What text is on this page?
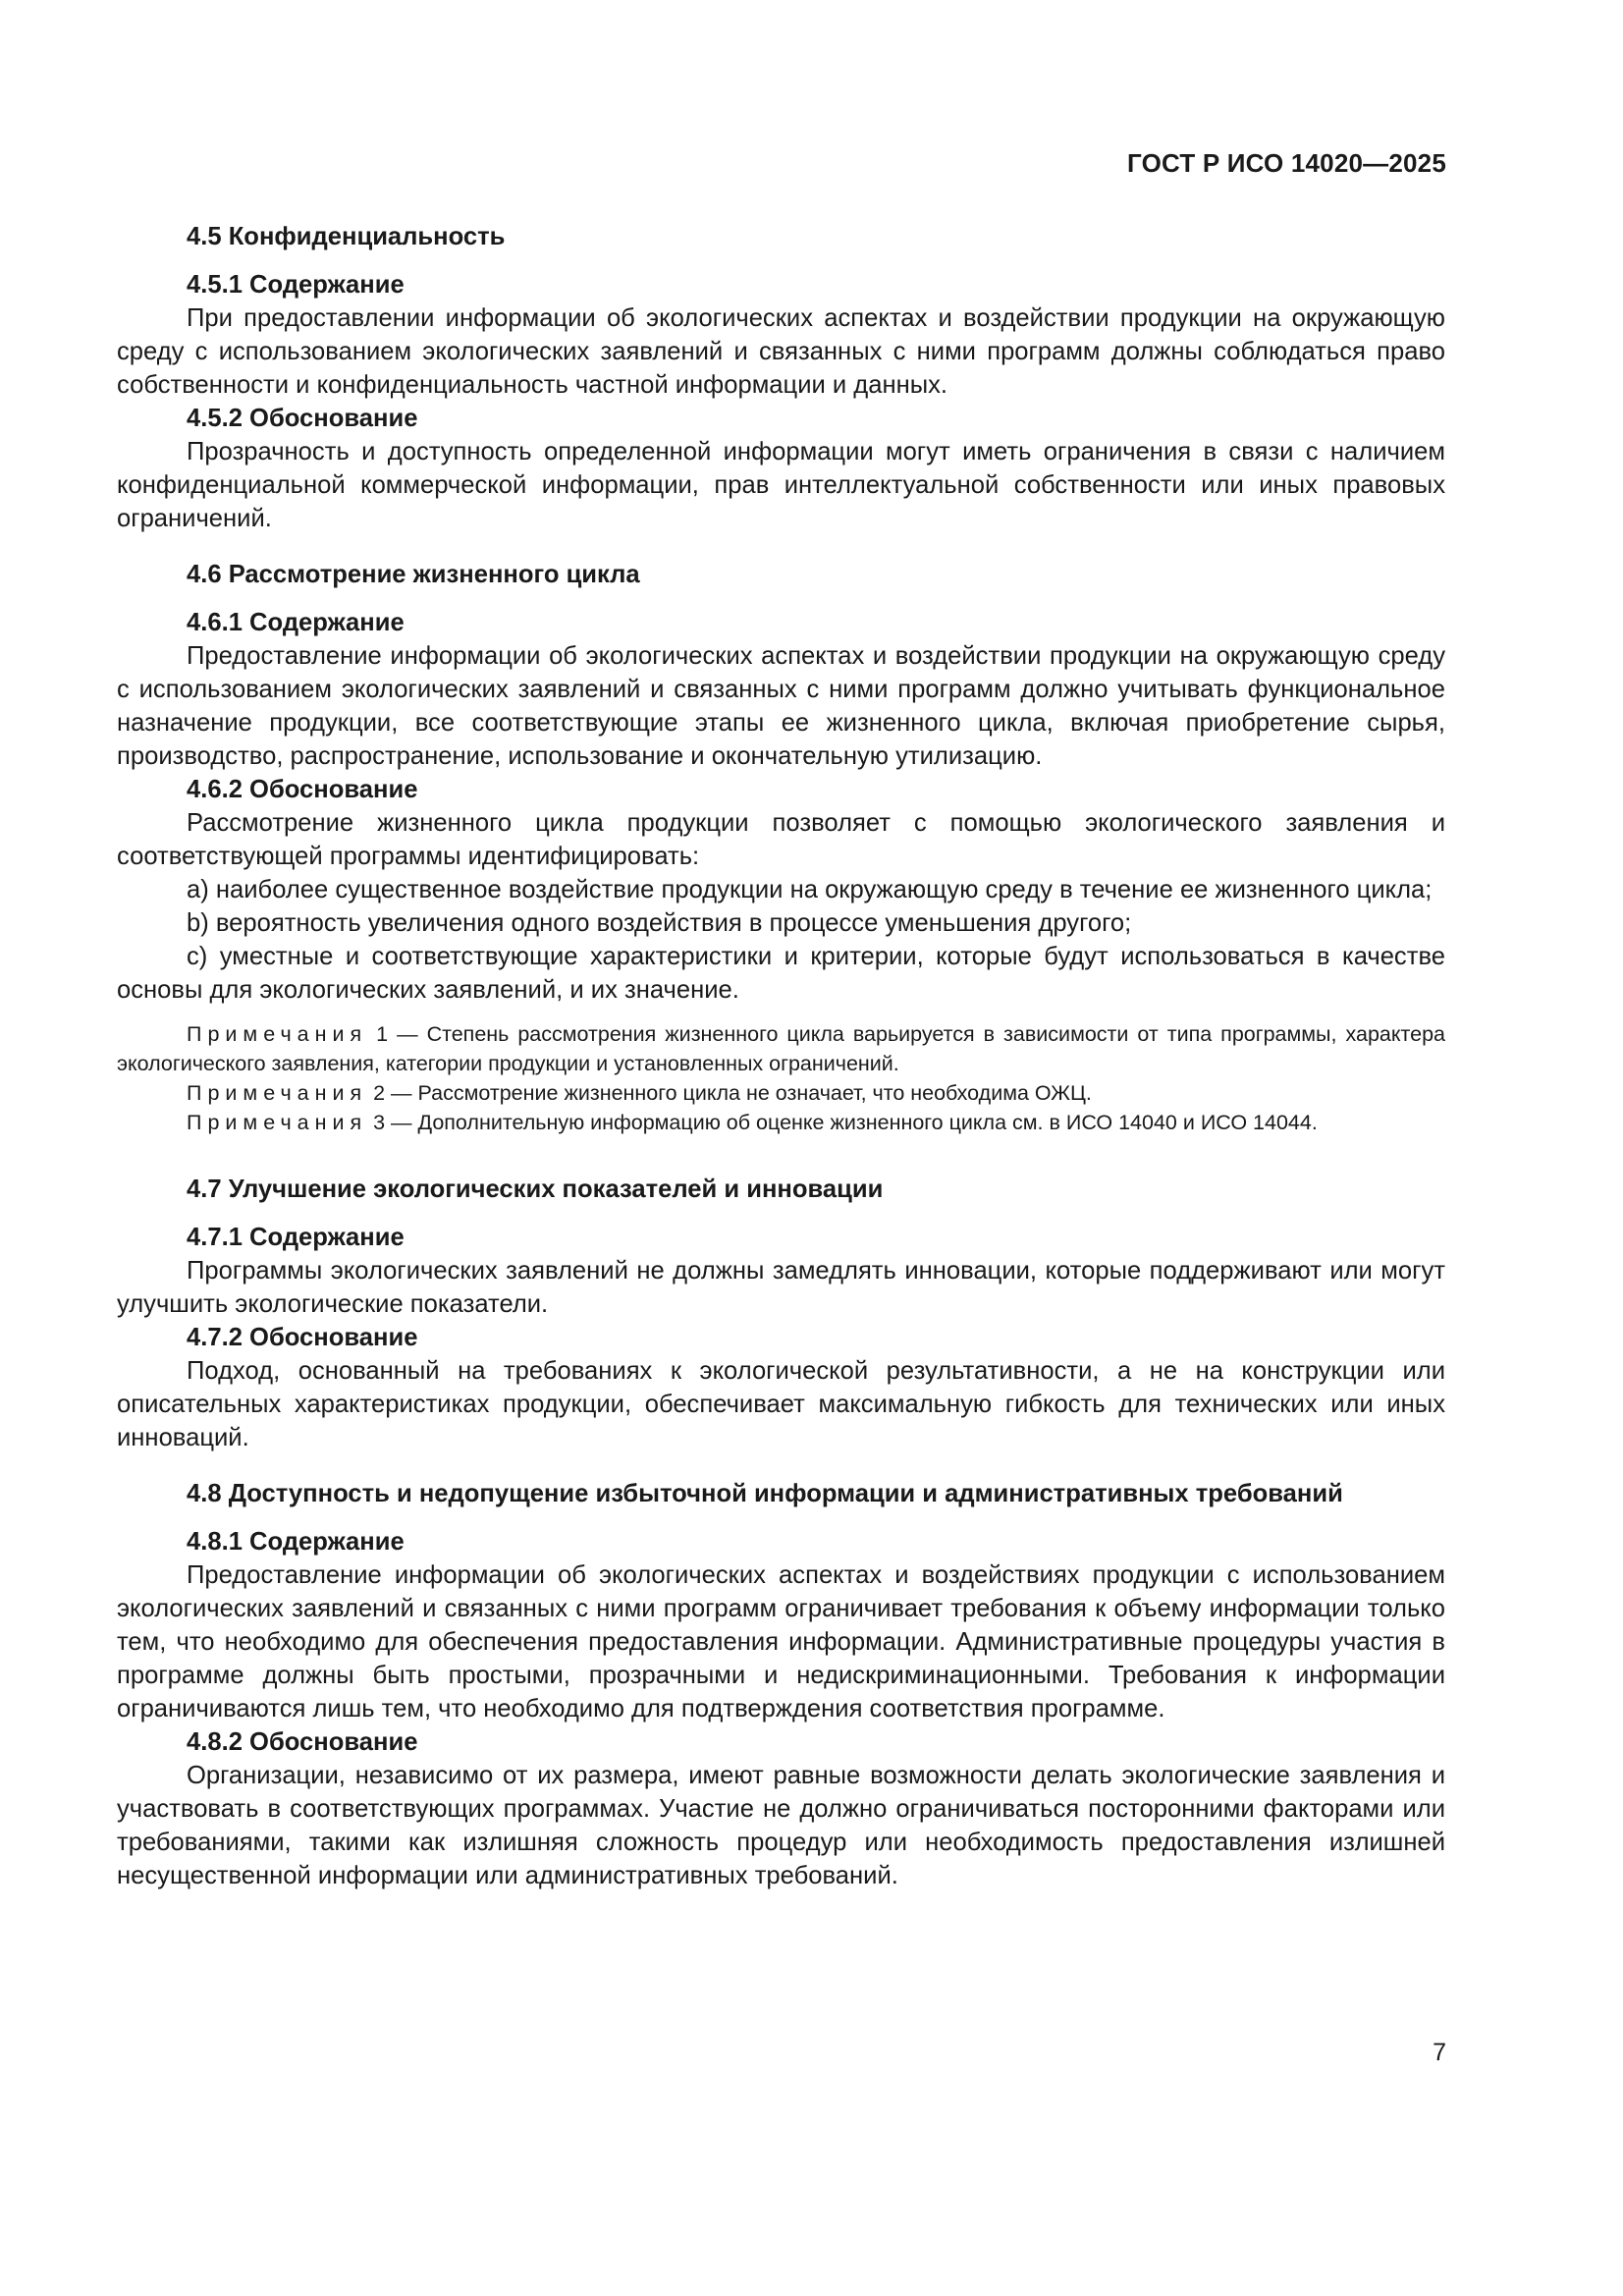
ГОСТ Р ИСО 14020—2025
4.5 Конфиденциальность
4.5.1 Содержание

При предоставлении информации об экологических аспектах и воздействии продукции на окружающую среду с использованием экологических заявлений и связанных с ними программ должны соблюдаться право собственности и конфиденциальность частной информации и данных.

4.5.2 Обоснование

Прозрачность и доступность определенной информации могут иметь ограничения в связи с наличием конфиденциальной коммерческой информации, прав интеллектуальной собственности или иных правовых ограничений.

4.6 Рассмотрение жизненного цикла
4.6.1 Содержание

Предоставление информации об экологических аспектах и воздействии продукции на окружающую среду с использованием экологических заявлений и связанных с ними программ должно учитывать функциональное назначение продукции, все соответствующие этапы ее жизненного цикла, включая приобретение сырья, производство, распространение, использование и окончательную утилизацию.

4.6.2 Обоснование

Рассмотрение жизненного цикла продукции позволяет с помощью экологического заявления и соответствующей программы идентифицировать:

a) наиболее существенное воздействие продукции на окружающую среду в течение ее жизненного цикла;

b) вероятность увеличения одного воздействия в процессе уменьшения другого;

c) уместные и соответствующие характеристики и критерии, которые будут использоваться в качестве основы для экологических заявлений, и их значение.

Примечания 1 — Степень рассмотрения жизненного цикла варьируется в зависимости от типа программы, характера экологического заявления, категории продукции и установленных ограничений.

Примечания 2 — Рассмотрение жизненного цикла не означает, что необходима ОЖЦ.

Примечания 3 — Дополнительную информацию об оценке жизненного цикла см. в ИСО 14040 и ИСО 14044.

4.7 Улучшение экологических показателей и инновации
4.7.1 Содержание

Программы экологических заявлений не должны замедлять инновации, которые поддерживают или могут улучшить экологические показатели.

4.7.2 Обоснование

Подход, основанный на требованиях к экологической результативности, а не на конструкции или описательных характеристиках продукции, обеспечивает максимальную гибкость для технических или иных инноваций.

4.8 Доступность и недопущение избыточной информации и административных требований
4.8.1 Содержание

Предоставление информации об экологических аспектах и воздействиях продукции с использованием экологических заявлений и связанных с ними программ ограничивает требования к объему информации только тем, что необходимо для обеспечения предоставления информации. Административные процедуры участия в программе должны быть простыми, прозрачными и недискриминационными. Требования к информации ограничиваются лишь тем, что необходимо для подтверждения соответствия программе.

4.8.2 Обоснование

Организации, независимо от их размера, имеют равные возможности делать экологические заявления и участвовать в соответствующих программах. Участие не должно ограничиваться посторонними факторами или требованиями, такими как излишняя сложность процедур или необходимость предоставления излишней несущественной информации или административных требований.

7
